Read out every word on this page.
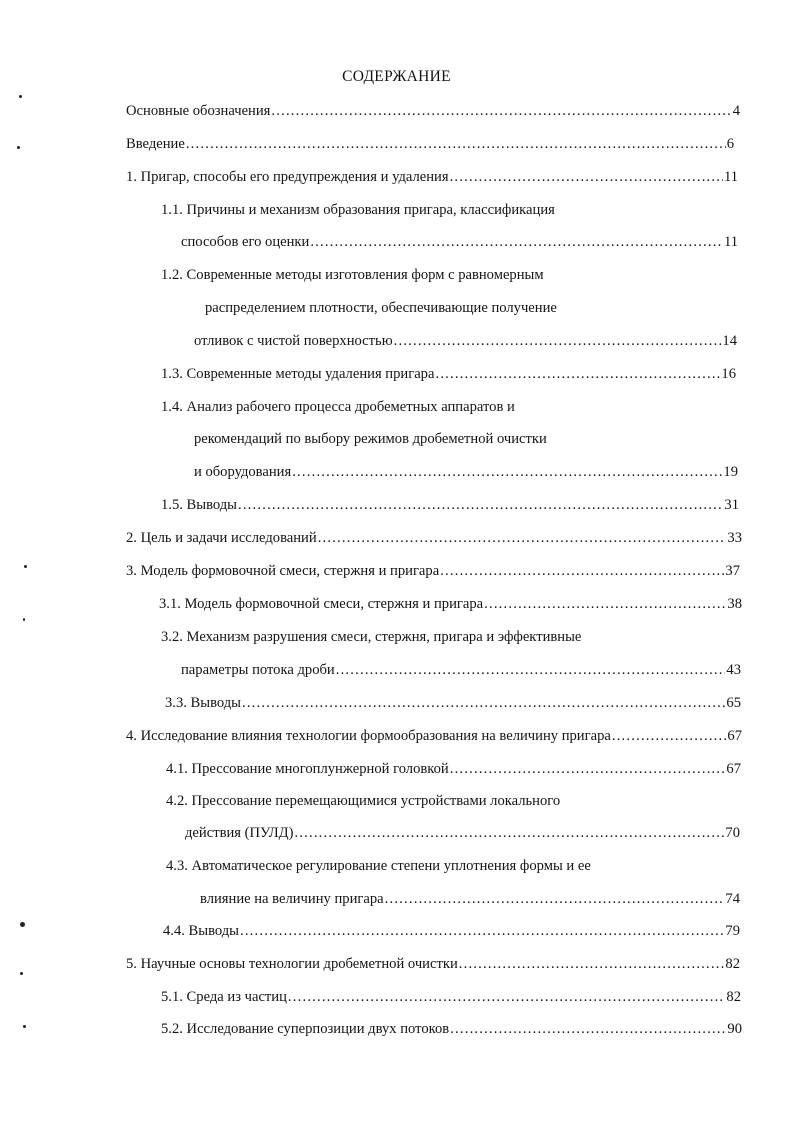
СОДЕРЖАНИЕ
Основные обозначения .....	4
Введение .....	6
1. Пригар, способы его предупреждения и удаления .....	11
1.1. Причины и механизм образования пригара, классификация
способов его оценки .....	11
1.2. Современные методы изготовления форм с равномерным
распределением плотности, обеспечивающие получение
отливок с чистой поверхностью .....	14
1.3. Современные методы удаления пригара .....	16
1.4. Анализ рабочего процесса дробеметных аппаратов и
рекомендаций по выбору режимов дробеметной очистки
и оборудования .....	19
1.5. Выводы .....	31
2. Цель и задачи исследований .....	33
3. Модель формовочной смеси, стержня и пригара .....	37
3.1. Модель формовочной смеси, стержня и пригара .....	38
3.2. Механизм разрушения смеси, стержня, пригара и эффективные
параметры потока дроби .....	43
3.3. Выводы .....	65
4. Исследование влияния технологии формообразования на величину пригара .....	67
4.1. Прессование многоплунжерной головкой .....	67
4.2. Прессование перемещающимися устройствами локального
действия (ПУЛД) .....	70
4.3. Автоматическое регулирование степени уплотнения формы и ее
влияние на величину пригара .....	74
4.4. Выводы .....	79
5. Научные основы технологии дробеметной очистки .....	82
5.1. Среда из частиц .....	82
5.2. Исследование суперпозиции двух потоков .....	90
